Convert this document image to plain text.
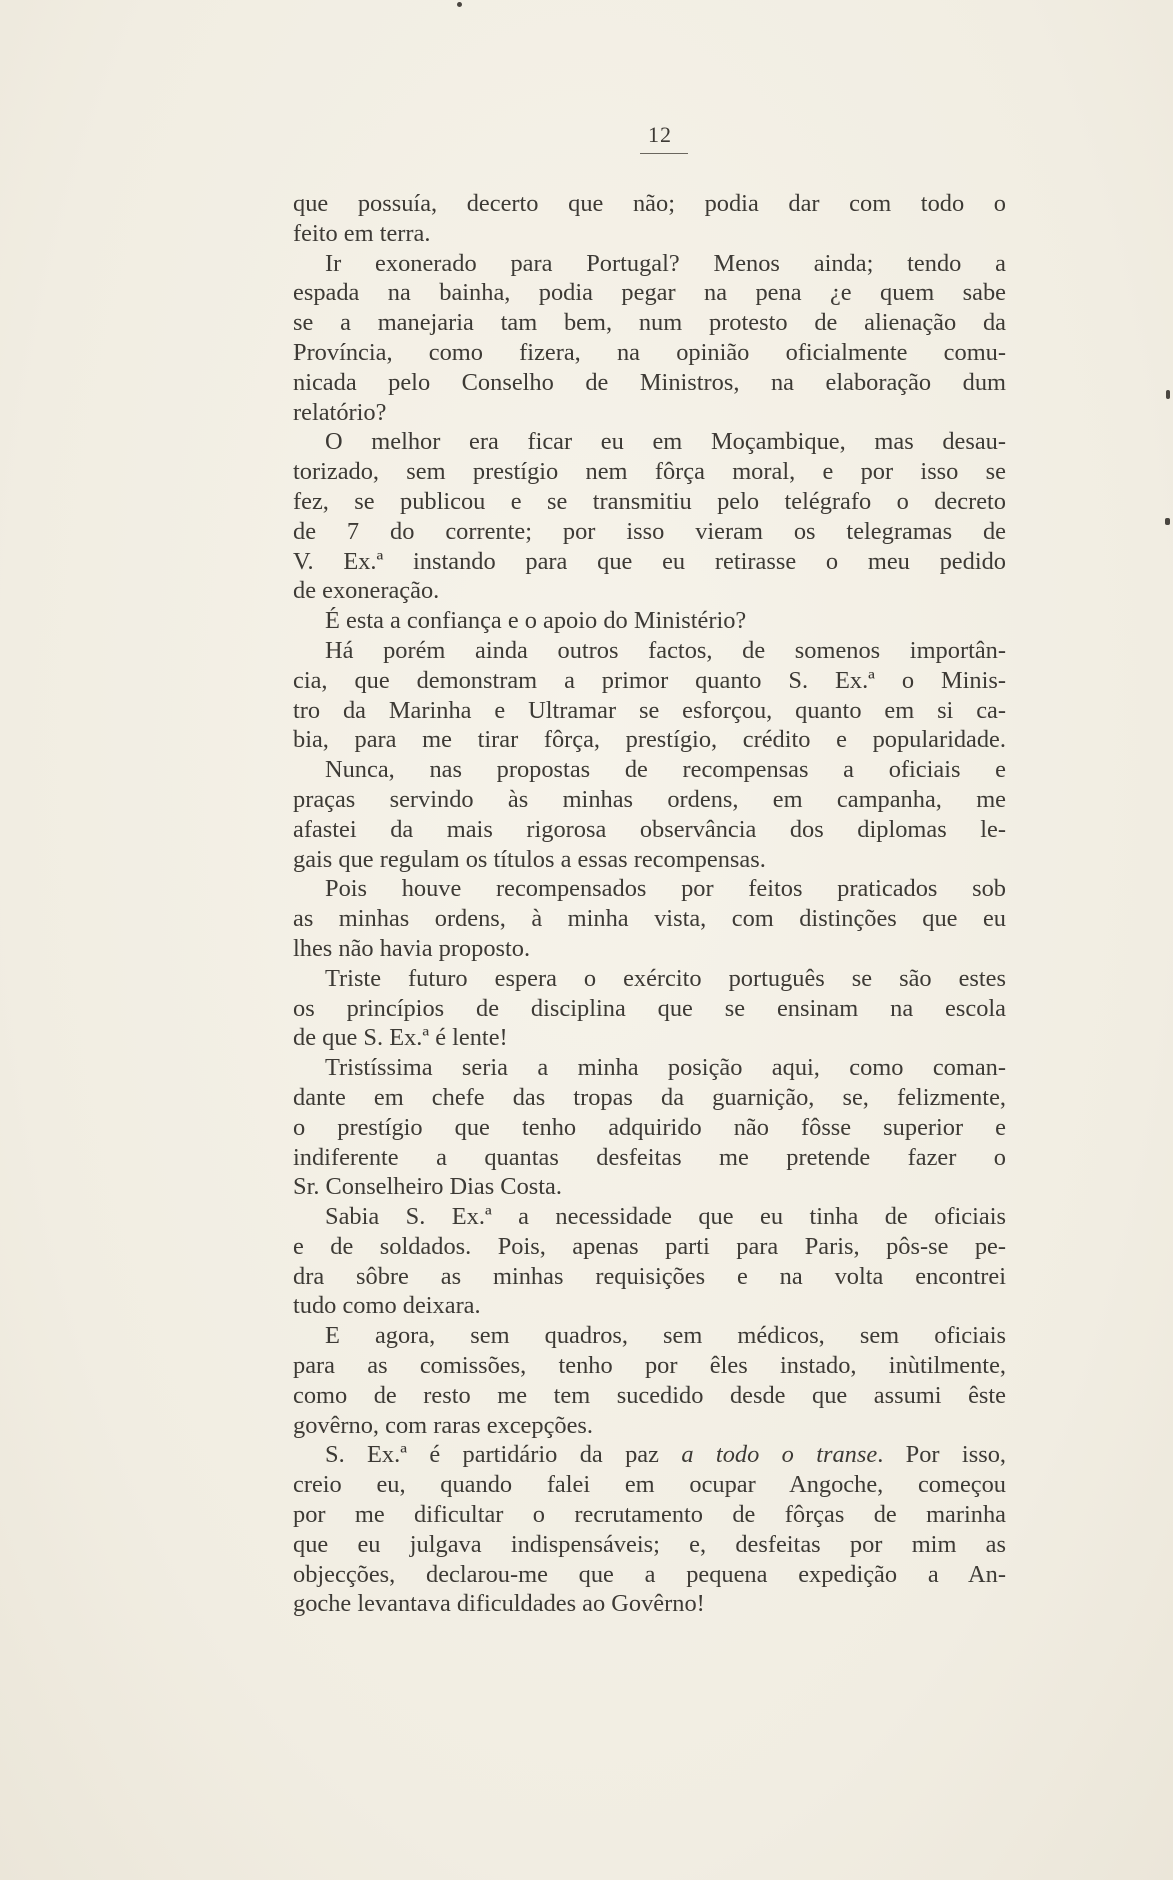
12
que possuía, decerto que não; podia dar com todo o
feito em terra.
Ir exonerado para Portugal? Menos ainda; tendo a
espada na bainha, podia pegar na pena ¿e quem sabe
se a manejaria tam bem, num protesto de alienação da
Província, como fizera, na opinião oficialmente comu-
nicada pelo Conselho de Ministros, na elaboração dum
relatório?
O melhor era ficar eu em Moçambique, mas desau-
torizado, sem prestígio nem fôrça moral, e por isso se
fez, se publicou e se transmitiu pelo telégrafo o decreto
de 7 do corrente; por isso vieram os telegramas de
V. Ex.ª instando para que eu retirasse o meu pedido
de exoneração.
É esta a confiança e o apoio do Ministério?
Há porém ainda outros factos, de somenos importân-
cia, que demonstram a primor quanto S. Ex.ª o Minis-
tro da Marinha e Ultramar se esforçou, quanto em si ca-
bia, para me tirar fôrça, prestígio, crédito e popularidade.
Nunca, nas propostas de recompensas a oficiais e
praças servindo às minhas ordens, em campanha, me
afastei da mais rigorosa observância dos diplomas le-
gais que regulam os títulos a essas recompensas.
Pois houve recompensados por feitos praticados sob
as minhas ordens, à minha vista, com distinções que eu
lhes não havia proposto.
Triste futuro espera o exército português se são estes
os princípios de disciplina que se ensinam na escola
de que S. Ex.ª é lente!
Tristíssima seria a minha posição aqui, como coman-
dante em chefe das tropas da guarnição, se, felizmente,
o prestígio que tenho adquirido não fôsse superior e
indiferente a quantas desfeitas me pretende fazer o
Sr. Conselheiro Dias Costa.
Sabia S. Ex.ª a necessidade que eu tinha de oficiais
e de soldados. Pois, apenas parti para Paris, pôs-se pe-
dra sôbre as minhas requisições e na volta encontrei
tudo como deixara.
E agora, sem quadros, sem médicos, sem oficiais
para as comissões, tenho por êles instado, inùtilmente,
como de resto me tem sucedido desde que assumi êste
govêrno, com raras excepções.
S. Ex.ª é partidário da paz a todo o transe. Por isso,
creio eu, quando falei em ocupar Angoche, começou
por me dificultar o recrutamento de fôrças de marinha
que eu julgava indispensáveis; e, desfeitas por mim as
objecções, declarou-me que a pequena expedição a An-
goche levantava dificuldades ao Govêrno!
